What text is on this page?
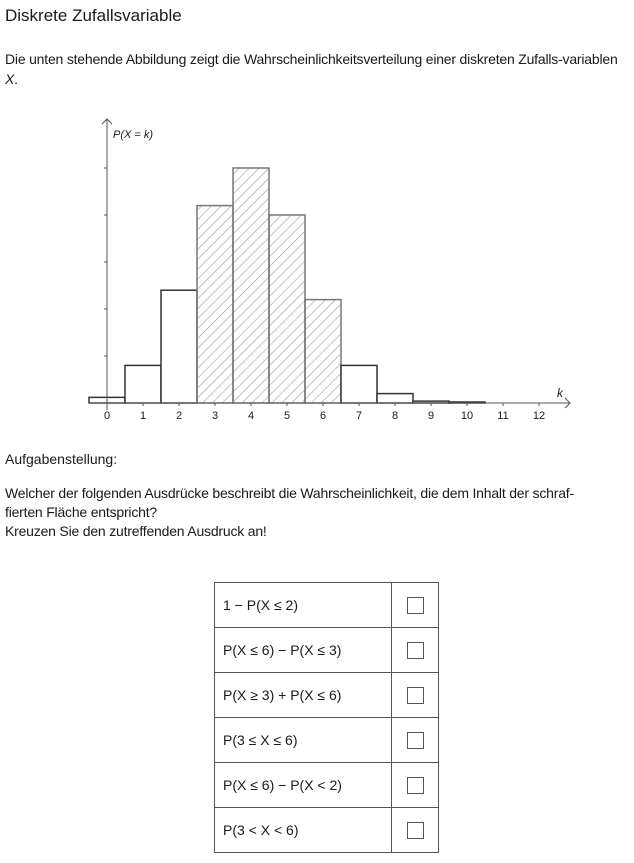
Diskrete Zufallsvariable
Die unten stehende Abbildung zeigt die Wahrscheinlichkeitsverteilung einer diskreten Zufalls-variablen X.
0	1	2	3	4	5	6	7	8	9 10 11 12
P(X = k)
k
Aufgabenstellung:
Welcher der folgenden Ausdrücke beschreibt die Wahrscheinlichkeit, die dem Inhalt der schraf-
fierten Fläche entspricht?
Kreuzen Sie den zutreffenden Ausdruck an!
1 − P(X ≤ 2)	
P(X ≤ 6) − P(X ≤ 3)	
P(X ≥ 3) + P(X ≤ 6)	
P(3 ≤ X ≤ 6)	
P(X ≤ 6) − P(X < 2)	
P(3 < X < 6)	
